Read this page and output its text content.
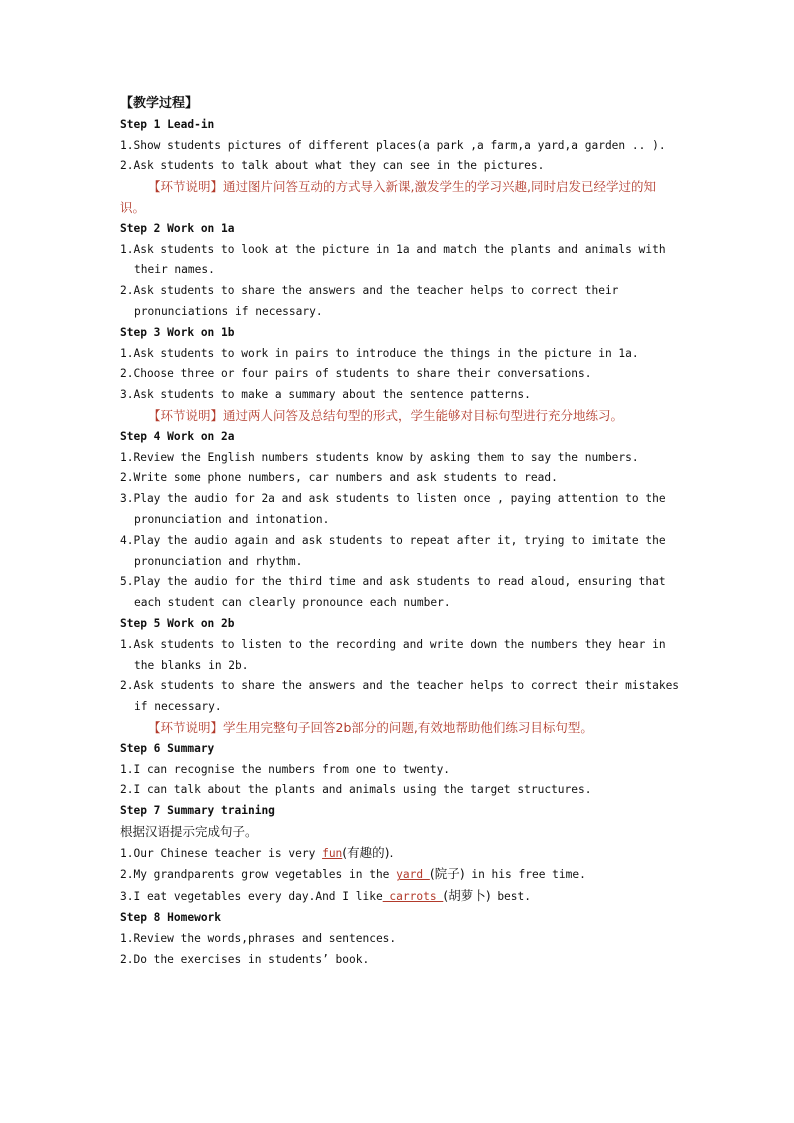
【教学过程】
Step 1 Lead-in
1.Show students pictures of different places(a park ,a farm,a yard,a garden .. ).
2.Ask students to talk about what they can see in the pictures.
【环节说明】通过图片问答互动的方式导入新课,激发学生的学习兴趣,同时启发已经学过的知识。
Step 2 Work on 1a
1.Ask students to look at the picture in 1a and match the plants and animals with their names.
2.Ask students to share the answers and the teacher helps to correct their pronunciations if necessary.
Step 3 Work on 1b
1.Ask students to work in pairs to introduce the things in the picture in 1a.
2.Choose three or four pairs of students to share their conversations.
3.Ask students to make a summary about the sentence patterns.
【环节说明】通过两人问答及总结句型的形式，学生能够对目标句型进行充分地练习。
Step 4 Work on 2a
1.Review the English numbers students know by asking them to say the numbers.
2.Write some phone numbers, car numbers and ask students to read.
3.Play the audio for 2a and ask students to listen once , paying attention to the pronunciation and intonation.
4.Play the audio again and ask students to repeat after it, trying to imitate the pronunciation and rhythm.
5.Play the audio for the third time and ask students to read aloud, ensuring that each student can clearly pronounce each number.
Step 5 Work on 2b
1.Ask students to listen to the recording and write down the numbers they hear in the blanks in 2b.
2.Ask students to share the answers and the teacher helps to correct their mistakes if necessary.
【环节说明】学生用完整句子回答2b部分的问题,有效地帮助他们练习目标句型。
Step 6 Summary
1.I can recognise the numbers from one to twenty.
2.I can talk about the plants and animals using the target structures.
Step 7 Summary training
根据汉语提示完成句子。
1.Our Chinese teacher is very fun(有趣的).
2.My grandparents grow vegetables in the yard (院子) in his free time.
3.I eat vegetables every day.And I like carrots (胡萝卜) best.
Step 8 Homework
1.Review the words,phrases and sentences.
2.Do the exercises in students’ book.
